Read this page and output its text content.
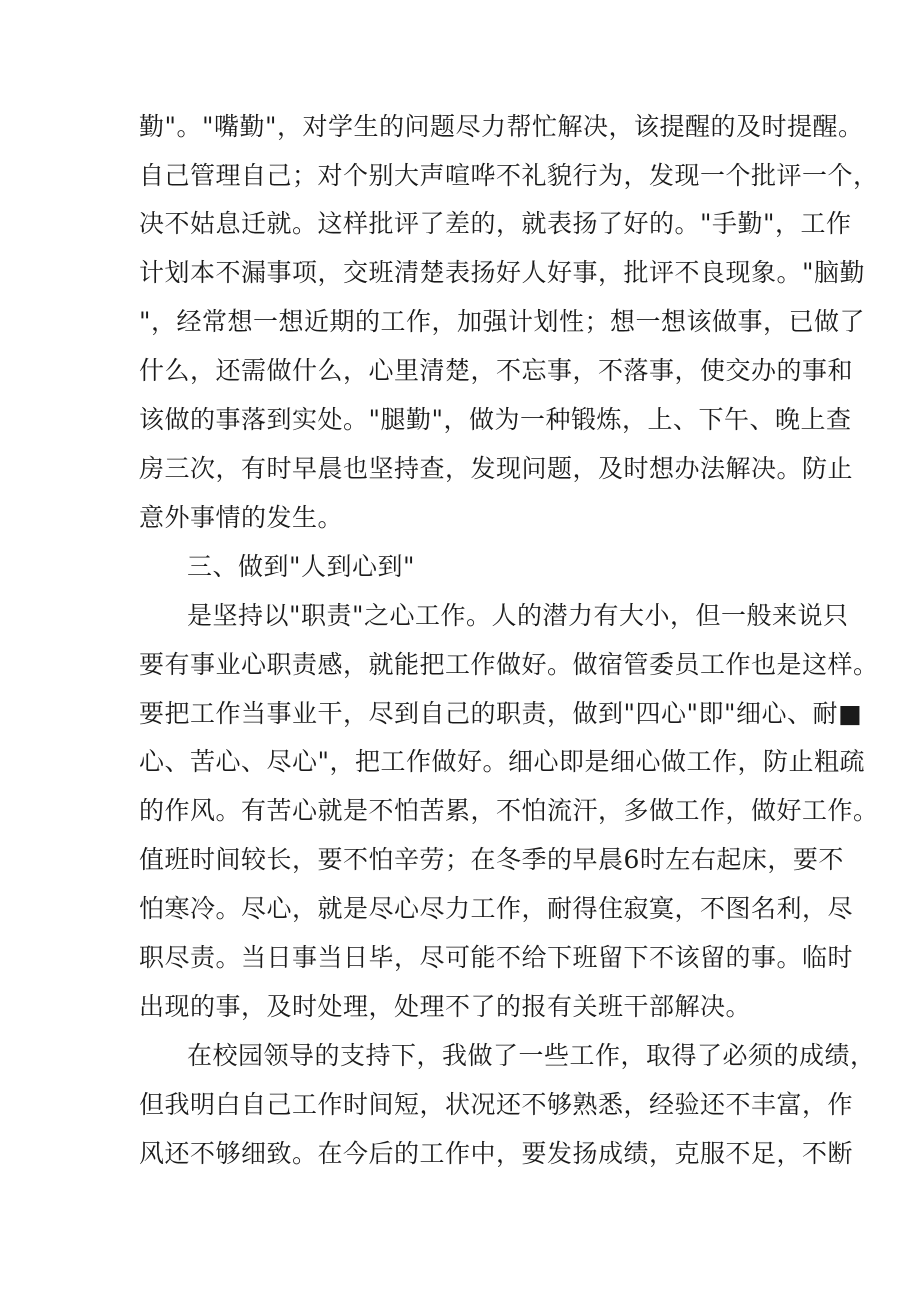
勤"。"嘴勤"，对学生的问题尽力帮忙解决，该提醒的及时提醒。
自己管理自己；对个别大声喧哗不礼貌行为，发现一个批评一个，
决不姑息迁就。这样批评了差的，就表扬了好的。"手勤"，工作
计划本不漏事项，交班清楚表扬好人好事，批评不良现象。"脑勤
"，经常想一想近期的工作，加强计划性；想一想该做事，已做了
什么，还需做什么，心里清楚，不忘事，不落事，使交办的事和
该做的事落到实处。"腿勤"，做为一种锻炼，上、下午、晚上查
房三次，有时早晨也坚持查，发现问题，及时想办法解决。防止
意外事情的发生。
三、做到"人到心到"
是坚持以"职责"之心工作。人的潜力有大小，但一般来说只
要有事业心职责感，就能把工作做好。做宿管委员工作也是这样。
要把工作当事业干，尽到自己的职责，做到"四心"即"细心、耐■
心、苦心、尽心"，把工作做好。细心即是细心做工作，防止粗疏
的作风。有苦心就是不怕苦累，不怕流汗，多做工作，做好工作。
值班时间较长，要不怕辛劳；在冬季的早晨6时左右起床，要不
怕寒冷。尽心，就是尽心尽力工作，耐得住寂寞，不图名利，尽
职尽责。当日事当日毕，尽可能不给下班留下不该留的事。临时
出现的事，及时处理，处理不了的报有关班干部解决。
在校园领导的支持下，我做了一些工作，取得了必须的成绩，
但我明白自己工作时间短，状况还不够熟悉，经验还不丰富，作
风还不够细致。在今后的工作中，要发扬成绩，克服不足，不断
